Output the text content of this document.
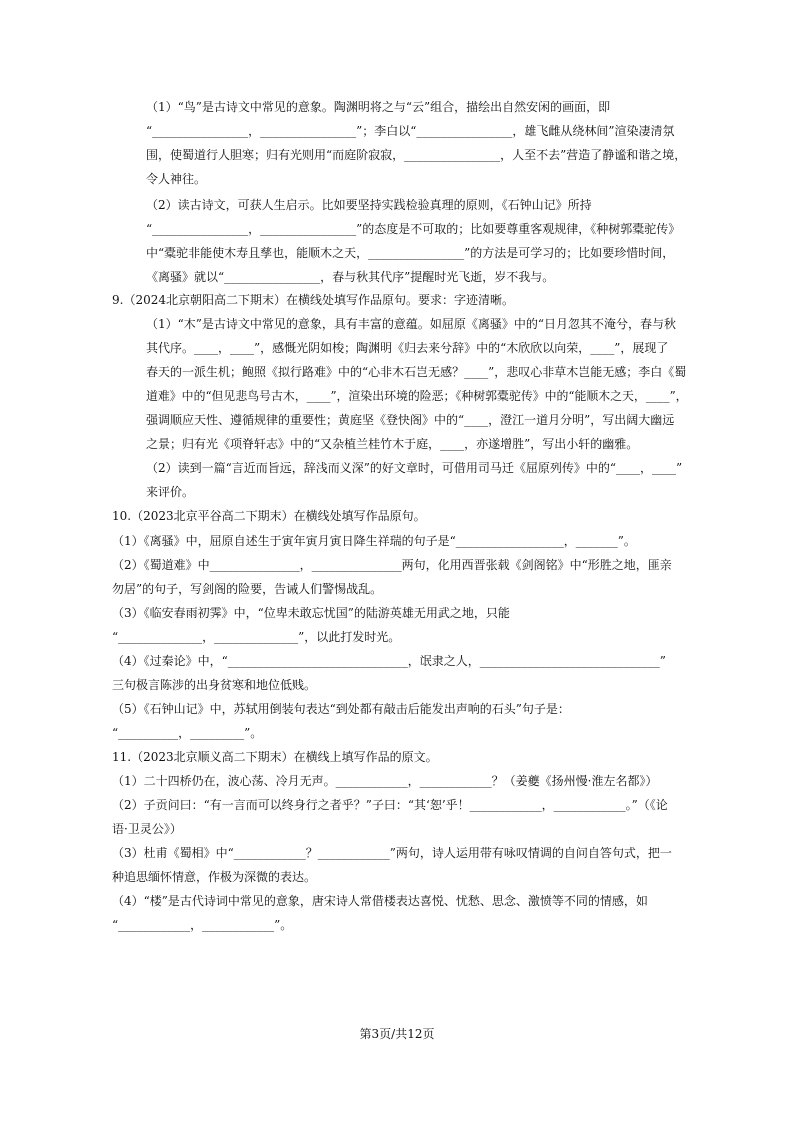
（1）“鸟”是古诗文中常见的意象。陶渊明将之与“云”组合，描绘出自然安闲的画面，即
“________________，________________”；李白以“________________，雄飞雌从绕林间”渲染凄清氛
围，使蜀道行人胆寒；归有光则用“而庭阶寂寂，________________，人至不去”营造了静谧和谐之境，
令人神往。
（2）读古诗文，可获人生启示。比如要坚持实践检验真理的原则，《石钟山记》所持
“________________，________________”的态度是不可取的；比如要尊重客观规律，《种树郭橐驼传》
中“橐驼非能使木寿且孳也，能顺木之天，________________”的方法是可学习的；比如要珍惜时间，
《离骚》就以“________________，春与秋其代序”提醒时光飞逝，岁不我与。
9.（2024北京朝阳高二下期末）在横线处填写作品原句。要求：字迹清晰。
（1）“木”是古诗文中常见的意象，具有丰富的意蕴。如屈原《离骚》中的“日月忽其不淹兮，春与秋
其代序。____，____”，感慨光阴如梭；陶渊明《归去来兮辞》中的“木欣欣以向荣，____”，展现了
春天的一派生机；鲍照《拟行路难》中的“心非木石岂无感？____”，悲叹心非草木岂能无感；李白《蜀
道难》中的“但见悲鸟号古木，____”，渲染出环境的险恶；《种树郭橐驼传》中的“能顺木之天，____”，
强调顺应天性、遵循规律的重要性；黄庭坚《登快阁》中的“____，澄江一道月分明”，写出阔大幽远
之景；归有光《项脊轩志》中的“又杂植兰桂竹木于庭，____，亦遂增胜”，写出小轩的幽雅。
（2）读到一篇“言近而旨远，辞浅而义深”的好文章时，可借用司马迁《屈原列传》中的“____，____”
来评价。
10.（2023北京平谷高二下期末）在横线处填写作品原句。
（1）《离骚》中，屈原自述生于寅年寅月寅日降生祥瑞的句子是“__________________，_______”。
（2）《蜀道难》中_______________，_______________两句，化用西晋张载《剑阁铭》中“形胜之地，匪亲
勿居”的句子，写剑阁的险要，告诫人们警惕战乱。
（3）《临安春雨初霁》中，“位卑未敢忘忧国”的陆游英雄无用武之地，只能
“______________，______________”，以此打发时光。
（4）《过秦论》中，“______________________________，氓隶之人，______________________________”
三句极言陈涉的出身贫寒和地位低贱。
（5）《石钟山记》中，苏轼用倒装句表达“到处都有敲击后能发出声响的石头”句子是：
“__________，_________”。
11.（2023北京顺义高二下期末）在横线上填写作品的原文。
（1）二十四桥仍在，波心荡、冷月无声。____________，____________？（姜夔《扬州慢·淮左名都》）
（2）子贡问曰：“有一言而可以终身行之者乎？”子曰：“其‘恕’乎！____________，____________。”（《论
语·卫灵公》）
（3）杜甫《蜀相》中“____________？____________”两句，诗人运用带有咏叹情调的自问自答句式，把一
种追思缅怀情意，作极为深微的表达。
（4）“楼”是古代诗词中常见的意象，唐宋诗人常借楼表达喜悦、忧愁、思念、激愤等不同的情感，如
“____________，____________”。
第3页/共12页
